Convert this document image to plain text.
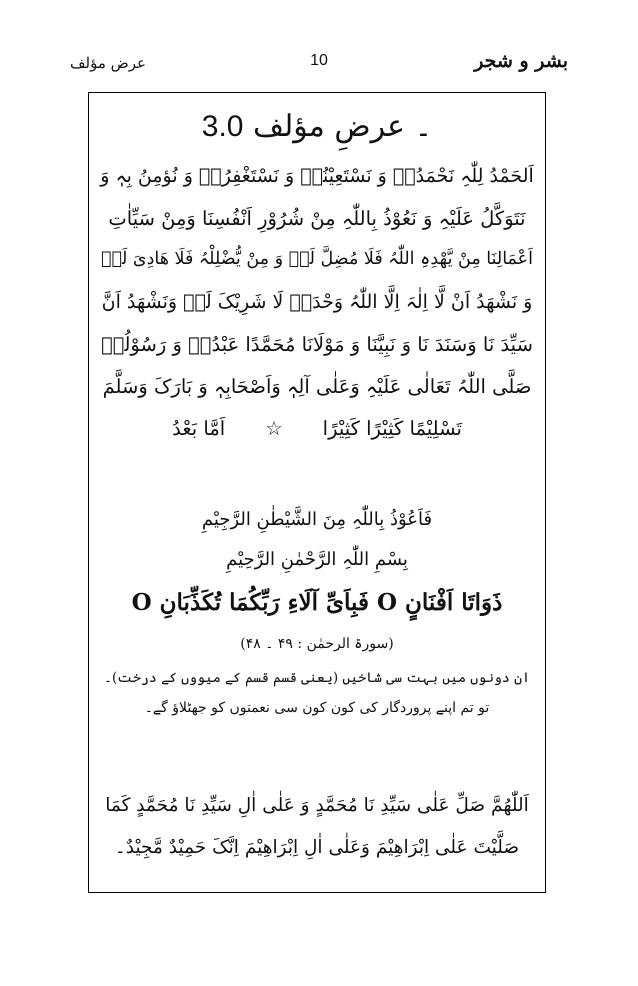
عرض مؤلف	10	بشر و شجر
3.0	۔ عرضِ مؤلف
اَلحَمْدُ لِلّٰہِ نَحْمَدُہٗ وَ نَسْتَعِیْنُہٗ وَ نَسْتَغْفِرُہٗ وَ نُؤمِنُ بِہٖ وَ
نَتَوَکَّلُ عَلَیْہِ وَ نَعُوْذُ بِاللّٰہِ مِنْ شُرُوْرِ اَنْفُسِنَا وَمِنْ سَیِّاٰتِ
اَعْمَالِنَا مِنْ یَّھْدِہِ اللّٰہُ فَلَا مُضِلَّ لَہٗ وَ مِنْ یُّضْلِلْہُ فَلَا ھَادِیَ لَہٗ
وَ نَشْھَدُ اَنْ لَّا اِلٰہَ اِلَّا اللّٰہُ وَحْدَہٗ لَا شَرِیْکَ لَہٗ وَنَشْھَدُ اَنَّ
سَیِّدَ نَا وَسَنَدَ نَا وَ نَبِیَّنَا وَ مَوْلَانَا مُحَمَّدًا عَبْدُہٗ وَ رَسُوْلُہٗ
صَلَّی اللّٰہُ تَعَالٰی عَلَیْہِ وَعَلٰی آلِہٖ وَاَصْحَابِہٖ وَ بَارَکَ وَسَلَّمَ
تَسْلِیْمًا کَثِیْرًا کَثِیْرًا
☆
اَمَّا بَعْدُ
فَاَعُوْذُ بِاللّٰہِ مِنَ الشَّیْطٰنِ الرَّجِیْمِ
بِسْمِ اللّٰہِ الرَّحْمٰنِ الرَّحِیْمِ
ذَوَاتَا اَفْنَانٍ O فَبِاَیِّ آلَاءِ رَبِّکُمَا تُکَذِّبَانِ O
(سورۃ الرحمٰن : ۴۹ ۔ ۴۸)
ان دونوں میں بہت سی شاخیں (یعنی قسم قسم کے میووں کے درخت)۔
تو تم اپنے پروردگار کی کون کون سی نعمتوں کو جھٹلاؤ گے۔
اَللّٰھُمَّ صَلِّ عَلٰی سَیِّدِ نَا مُحَمَّدٍ وَ عَلٰی اٰلِ سَیِّدِ نَا مُحَمَّدٍ کَمَا
صَلَّیْتَ عَلٰی اِبْرَاھِیْمَ وَعَلٰی اٰلِ اِبْرَاھِیْمَ اِنَّکَ حَمِیْدٌ مَّجِیْدٌ۔
